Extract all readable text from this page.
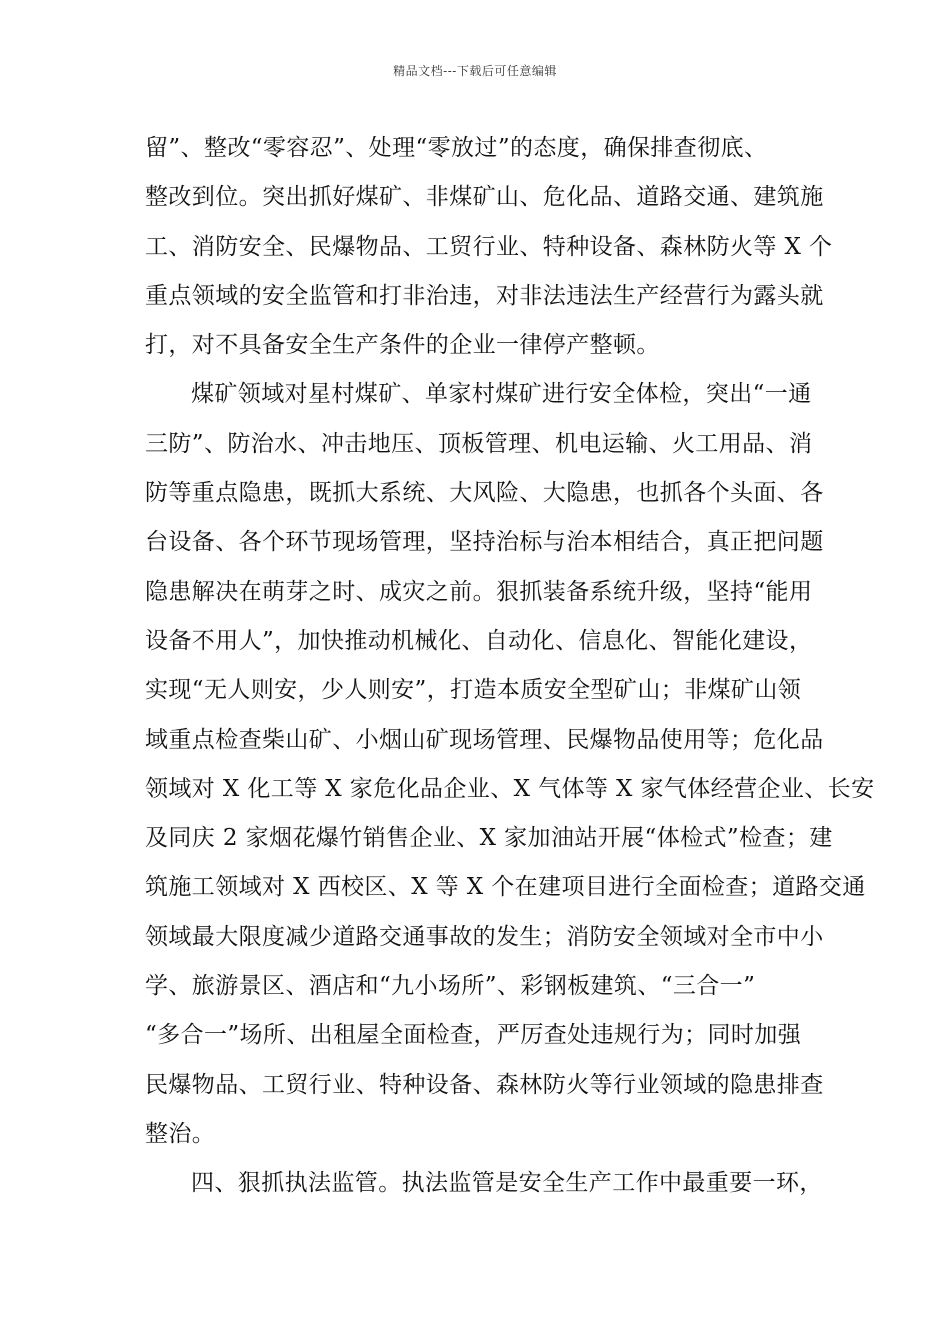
精品文档---下载后可任意编辑
留”、整改“零容忍”、处理“零放过”的态度，确保排查彻底、
整改到位。突出抓好煤矿、非煤矿山、危化品、道路交通、建筑施
工、消防安全、民爆物品、工贸行业、特种设备、森林防火等 X 个
重点领域的安全监管和打非治违，对非法违法生产经营行为露头就
打，对不具备安全生产条件的企业一律停产整顿。
煤矿领域对星村煤矿、单家村煤矿进行安全体检，突出“一通
三防”、防治水、冲击地压、顶板管理、机电运输、火工用品、消
防等重点隐患，既抓大系统、大风险、大隐患，也抓各个头面、各
台设备、各个环节现场管理，坚持治标与治本相结合，真正把问题
隐患解决在萌芽之时、成灾之前。狠抓装备系统升级，坚持“能用
设备不用人”，加快推动机械化、自动化、信息化、智能化建设，
实现“无人则安，少人则安”，打造本质安全型矿山；非煤矿山领
域重点检查柴山矿、小烟山矿现场管理、民爆物品使用等；危化品
领域对 X 化工等 X 家危化品企业、X 气体等 X 家气体经营企业、长安
及同庆 2 家烟花爆竹销售企业、X 家加油站开展“体检式”检查；建
筑施工领域对 X 西校区、X 等 X 个在建项目进行全面检查；道路交通
领域最大限度减少道路交通事故的发生；消防安全领域对全市中小
学、旅游景区、酒店和“九小场所”、彩钢板建筑、“三合一”
“多合一”场所、出租屋全面检查，严厉查处违规行为；同时加强
民爆物品、工贸行业、特种设备、森林防火等行业领域的隐患排查
整治。
四、狠抓执法监管。执法监管是安全生产工作中最重要一环，
